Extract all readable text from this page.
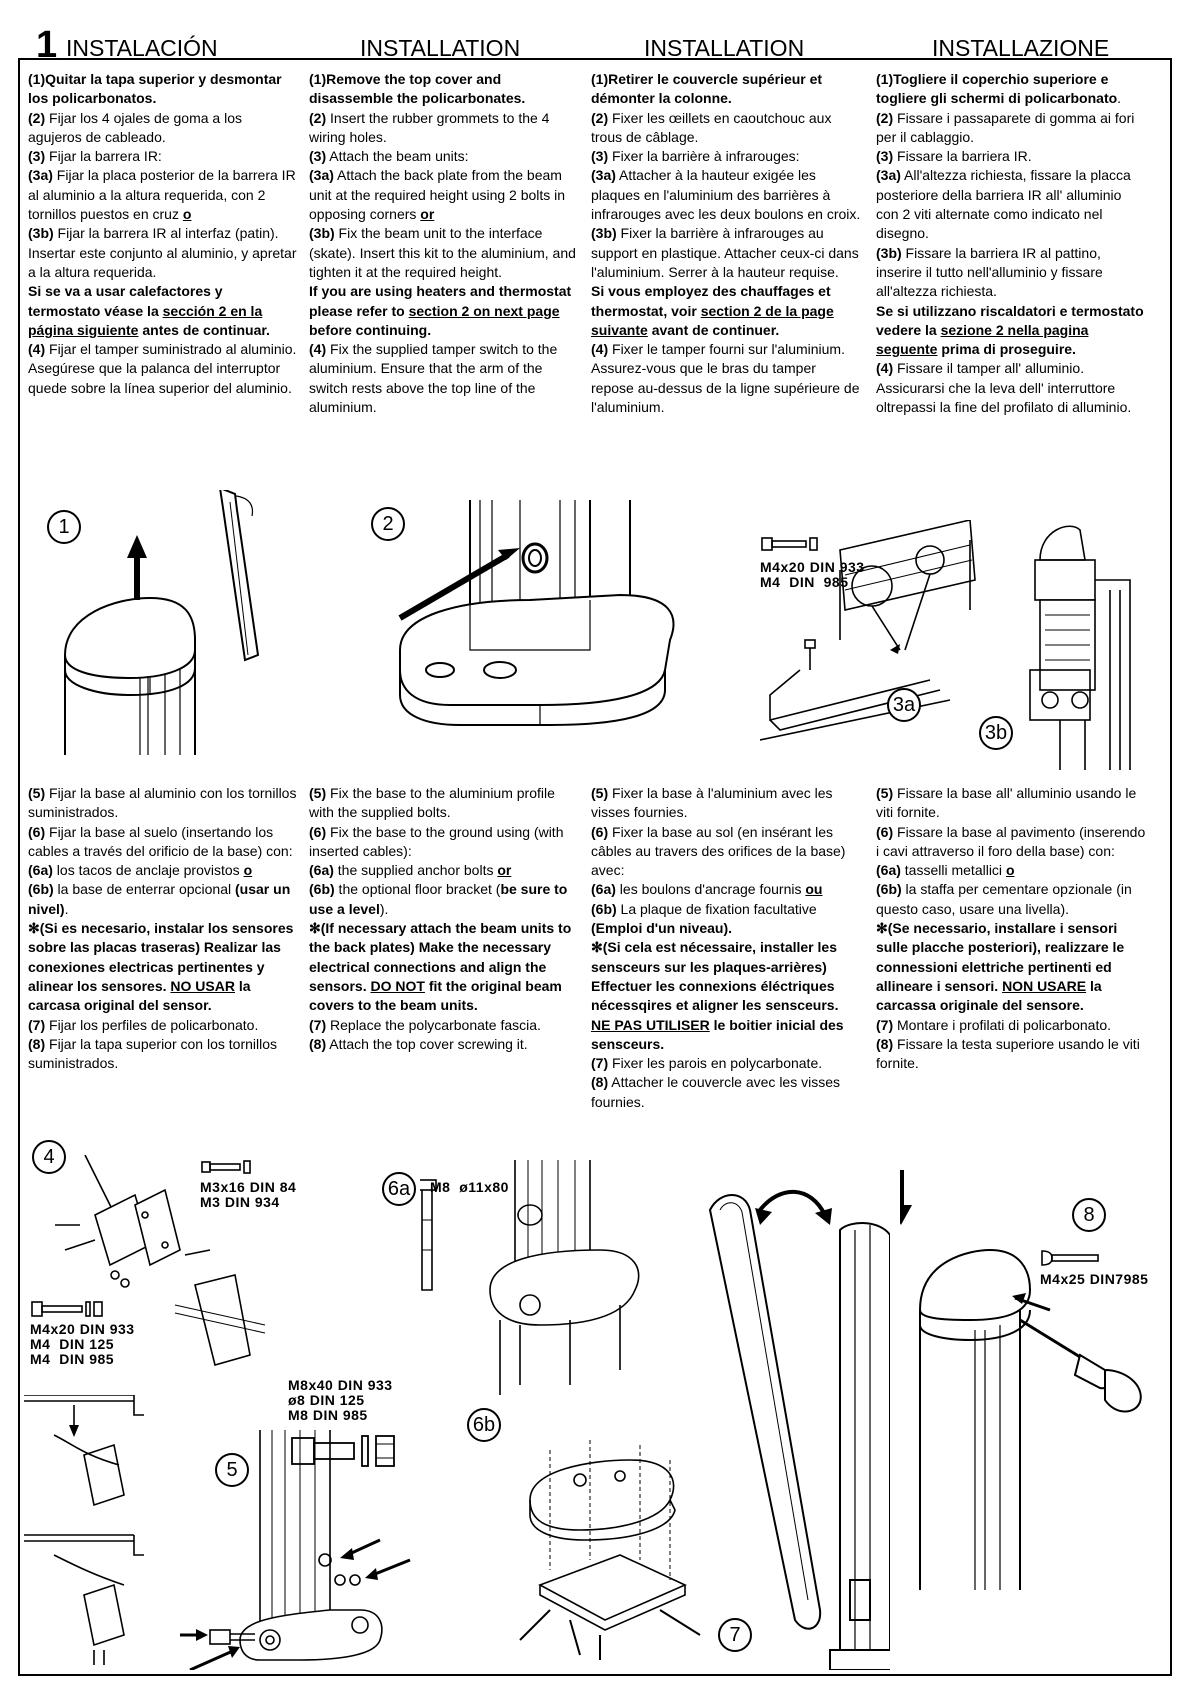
1 INSTALACIÓN	INSTALLATION	INSTALLATION	INSTALLAZIONE

(1)Quitar la tapa superior y desmontar los policarbonatos.

(2) Fijar los 4 ojales de goma a los agujeros de cableado.

(3) Fijar la barrera IR:

(3a) Fijar la placa posterior de la barrera IR al aluminio a la altura requerida, con 2 tornillos puestos en cruz o

(3b) Fijar la barrera IR al interfaz (patin). Insertar este conjunto al aluminio, y apretar a la altura requerida.

Si se va a usar calefactores y termostato véase la sección 2 en la página siguiente antes de continuar.

(4) Fijar el tamper suministrado al aluminio. Asegúrese que la palanca del interruptor quede sobre la línea superior del aluminio.

(1)Remove the top cover and disassemble the policarbonates.

(2) Insert the rubber grommets to the 4 wiring holes.

(3) Attach the beam units:

(3a) Attach the back plate from the beam unit at the required height using 2 bolts in opposing corners or

(3b) Fix the beam unit to the interface (skate). Insert this kit to the aluminium, and tighten it at the required height.

If you are using heaters and thermostat please refer to section 2 on next page before continuing.

(4) Fix the supplied tamper switch to the aluminium. Ensure that the arm of the switch rests above the top line of the aluminium.

(1)Retirer le couvercle supérieur et démonter la colonne.

(2) Fixer les œillets en caoutchouc aux trous de câblage.

(3) Fixer la barrière à infrarouges:

(3a) Attacher à la hauteur exigée les plaques en l'aluminium des barrières à infrarouges avec les deux boulons en croix.

(3b) Fixer la barrière à infrarouges au support en plastique. Attacher ceux-ci dans l'aluminium. Serrer à la hauteur requise.

Si vous employez des chauffages et thermostat, voir section 2 de la page suivante avant de continuer.

(4) Fixer le tamper fourni sur l'aluminium. Assurez-vous que le bras du tamper repose au-dessus de la ligne supérieure de l'aluminium.

(1)Togliere il coperchio superiore e togliere gli schermi di policarbonato.

(2) Fissare i passaparete di gomma ai fori per il cablaggio.

(3) Fissare la barriera IR.

(3a) All'altezza richiesta, fissare la placca posteriore della barriera IR all' alluminio con 2 viti alternate como indicato nel disegno.

(3b) Fissare la barriera IR al pattino, inserire il tutto nell'alluminio y fissare all'altezza richiesta.

Se si utilizzano riscaldatori e termostato vedere la sezione 2 nella pagina seguente prima di proseguire.

(4) Fissare il tamper all' alluminio. Assicurarsi che la leva dell' interruttore oltrepassi la fine del profilato di alluminio.

(5) Fijar la base al aluminio con los tornillos suministrados.

(6) Fijar la base al suelo (insertando los cables a través del orificio de la base) con:

(6a) los tacos de anclaje provistos o

(6b) la base de enterrar opcional (usar un nivel).

✻(Si es necesario, instalar los sensores sobre las placas traseras) Realizar las conexiones electricas pertinentes y alinear los sensores. NO USAR la carcasa original del sensor.

(7) Fijar los perfiles de policarbonato.

(8) Fijar la tapa superior con los tornillos suministrados.

(5) Fix the base to the aluminium profile with the supplied bolts.

(6) Fix the base to the ground using (with inserted cables):

(6a) the supplied anchor bolts or

(6b) the optional floor bracket (be sure to use a level).

✻(If necessary attach the beam units to the back plates) Make the necessary electrical connections and align the sensors. DO NOT fit the original beam covers to the beam units.

(7) Replace the polycarbonate fascia.

(8) Attach the top cover screwing it.

(5) Fixer la base à l'aluminium avec les visses fournies.

(6) Fixer la base au sol (en insérant les câbles au travers des orifices de la base) avec:

(6a) les boulons d'ancrage fournis ou

(6b) La plaque de fixation facultative (Emploi d'un niveau).

✻(Si cela est nécessaire, installer les sensceurs sur les plaques-arrières) Effectuer les connexions éléctriques nécessqires et aligner les sensceurs. NE PAS UTILISER le boitier inicial des sensceurs.

(7) Fixer les parois en polycarbonate.

(8) Attacher le couvercle avec les visses fournies.

(5) Fissare la base all' alluminio usando le viti fornite.

(6) Fissare la base al pavimento (inserendo i cavi attraverso il foro della base) con:

(6a) tasselli metallici o

(6b) la staffa per cementare opzionale (in questo caso, usare una livella).

✻(Se necessario, installare i sensori sulle placche posteriori), realizzare le connessioni elettriche pertinenti ed allineare i sensori. NON USARE la carcassa originale del sensore.

(7) Montare i profilati di policarbonato.

(8) Fissare la testa superiore usando le viti fornite.

1	2
M4x20 DIN 933
M4  DIN  985
3a
3b
4
M3x16 DIN 84
M3 DIN 934
M4x20 DIN 933
M4  DIN 125
M4  DIN 985
5
M8x40 DIN 933
ø8 DIN 125
M8 DIN 985
6a	M8  ø11x80
6b
7
8
M4x25 DIN7985
